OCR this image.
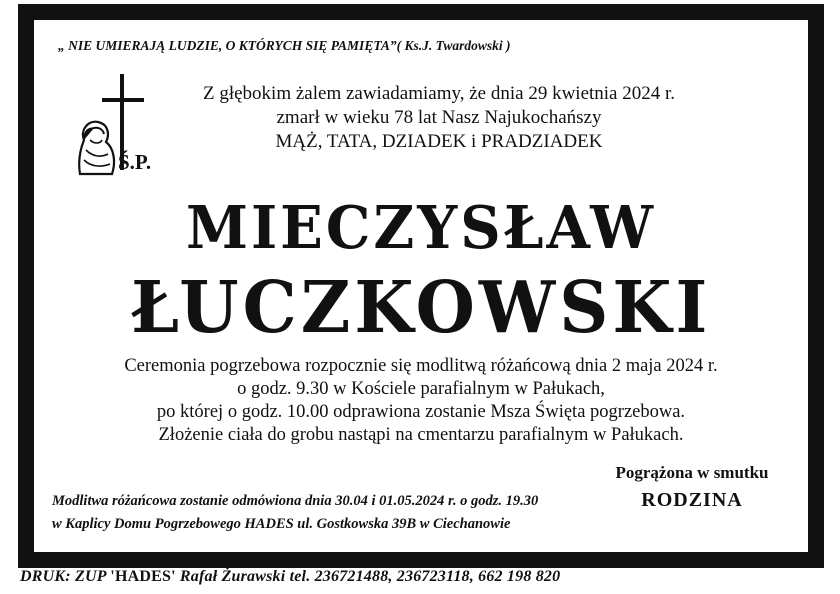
„ NIE UMIERAJĄ LUDZIE, O KTÓRYCH SIĘ PAMIĘTA”( Ks.J. Twardowski )
Ś.P.
Z głębokim żalem zawiadamiamy, że dnia 29 kwietnia 2024 r.
zmarł w wieku 78 lat Nasz Najukochańszy
MĄŻ, TATA, DZIADEK i PRADZIADEK
MIECZYSŁAW
ŁUCZKOWSKI
Ceremonia pogrzebowa rozpocznie się modlitwą różańcową dnia 2 maja 2024 r.
o godz. 9.30 w Kościele parafialnym w Pałukach,
po której o godz. 10.00 odprawiona zostanie Msza Święta pogrzebowa.
Złożenie ciała do grobu nastąpi na cmentarzu parafialnym w Pałukach.
Pogrążona w smutku
RODZINA
Modlitwa różańcowa zostanie odmówiona dnia 30.04 i 01.05.2024 r. o godz. 19.30
w Kaplicy Domu Pogrzebowego HADES ul. Gostkowska 39B w Ciechanowie
DRUK: ZUP 'HADES' Rafał Żurawski tel. 236721488, 236723118, 662 198 820
